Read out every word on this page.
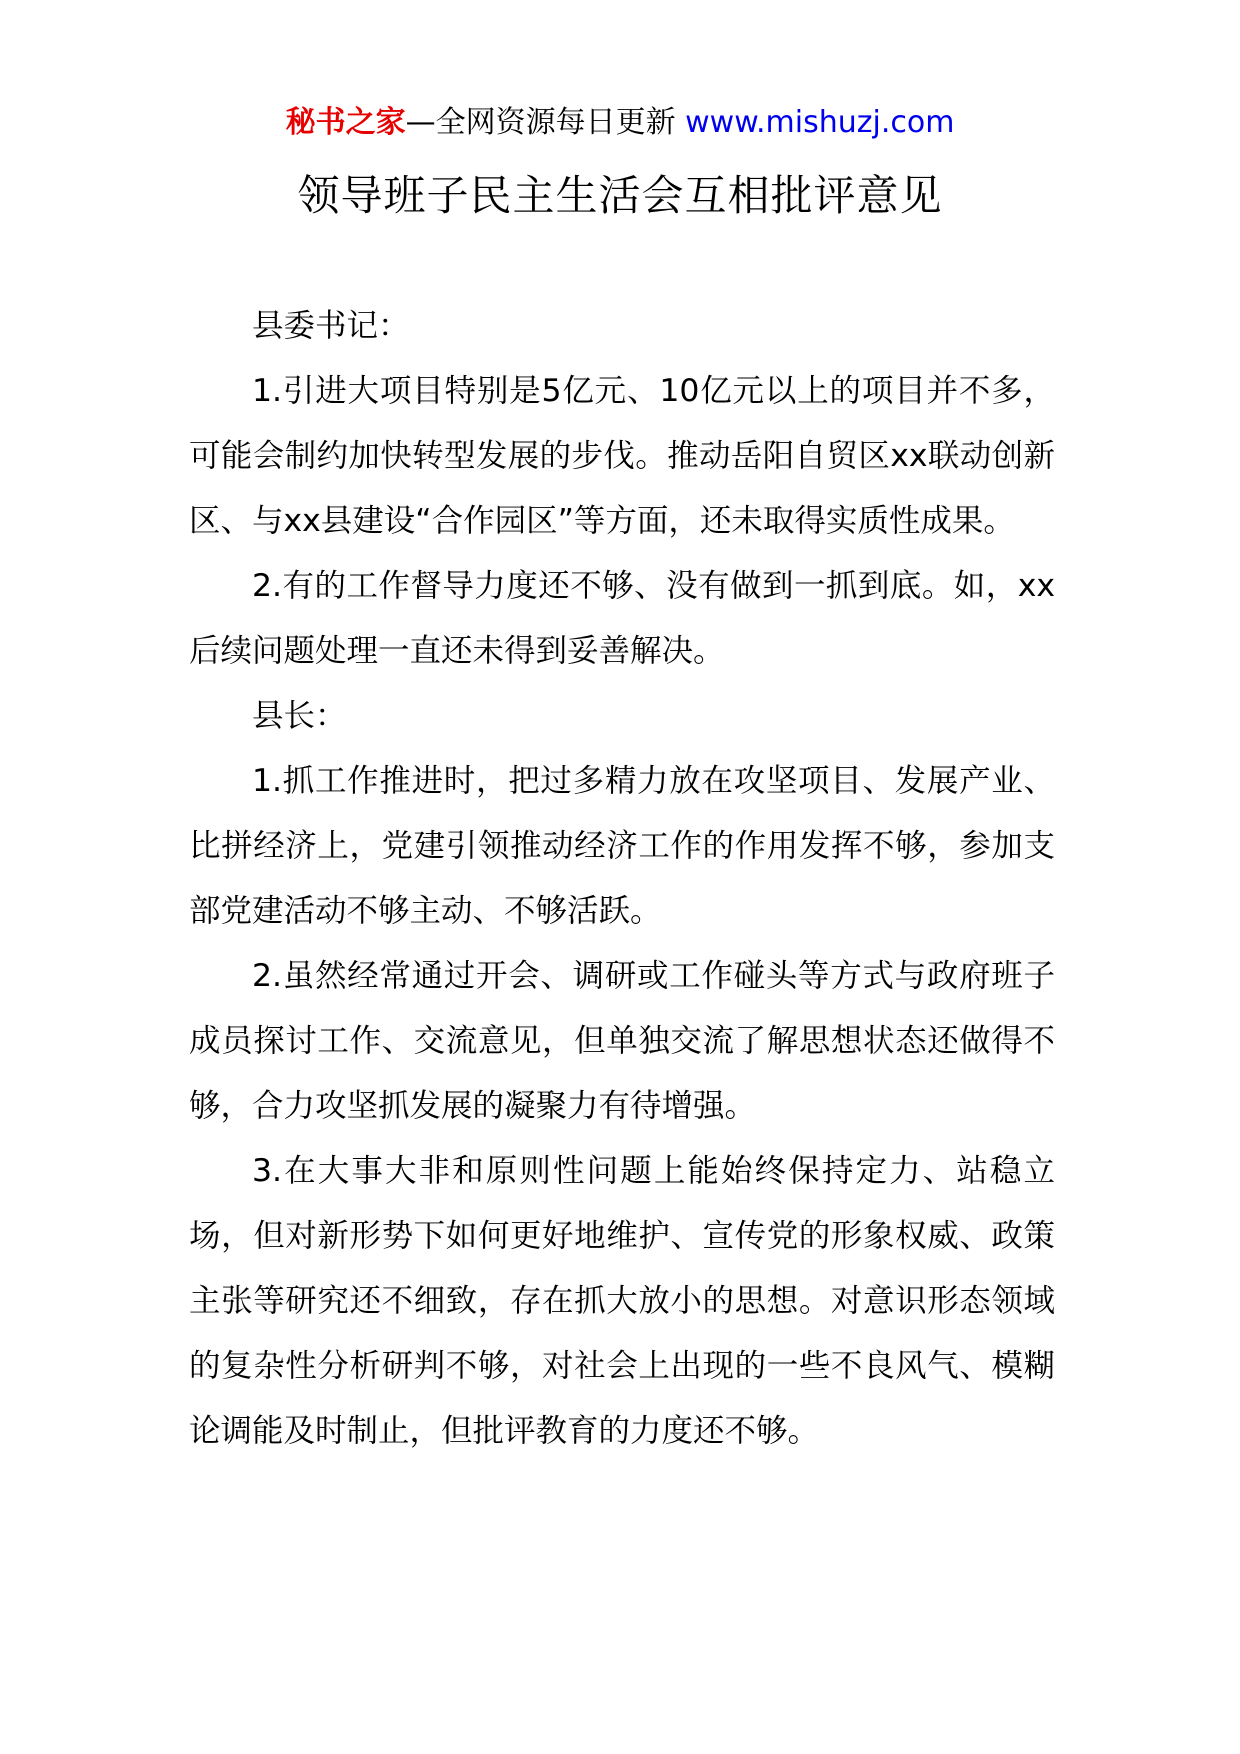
秘书之家—全网资源每日更新 www.mishuzj.com
领导班子民主生活会互相批评意见

县委书记：

1.引进大项目特别是5亿元、10亿元以上的项目并不多，可能会制约加快转型发展的步伐。推动岳阳自贸区xx联动创新区、与xx县建设“合作园区”等方面，还未取得实质性成果。

2.有的工作督导力度还不够、没有做到一抓到底。如，xx后续问题处理一直还未得到妥善解决。

县长：

1.抓工作推进时，把过多精力放在攻坚项目、发展产业、比拼经济上，党建引领推动经济工作的作用发挥不够，参加支部党建活动不够主动、不够活跃。

2.虽然经常通过开会、调研或工作碰头等方式与政府班子成员探讨工作、交流意见，但单独交流了解思想状态还做得不够，合力攻坚抓发展的凝聚力有待增强。

3.在大事大非和原则性问题上能始终保持定力、站稳立场，但对新形势下如何更好地维护、宣传党的形象权威、政策主张等研究还不细致，存在抓大放小的思想。对意识形态领域的复杂性分析研判不够，对社会上出现的一些不良风气、模糊论调能及时制止，但批评教育的力度还不够。
